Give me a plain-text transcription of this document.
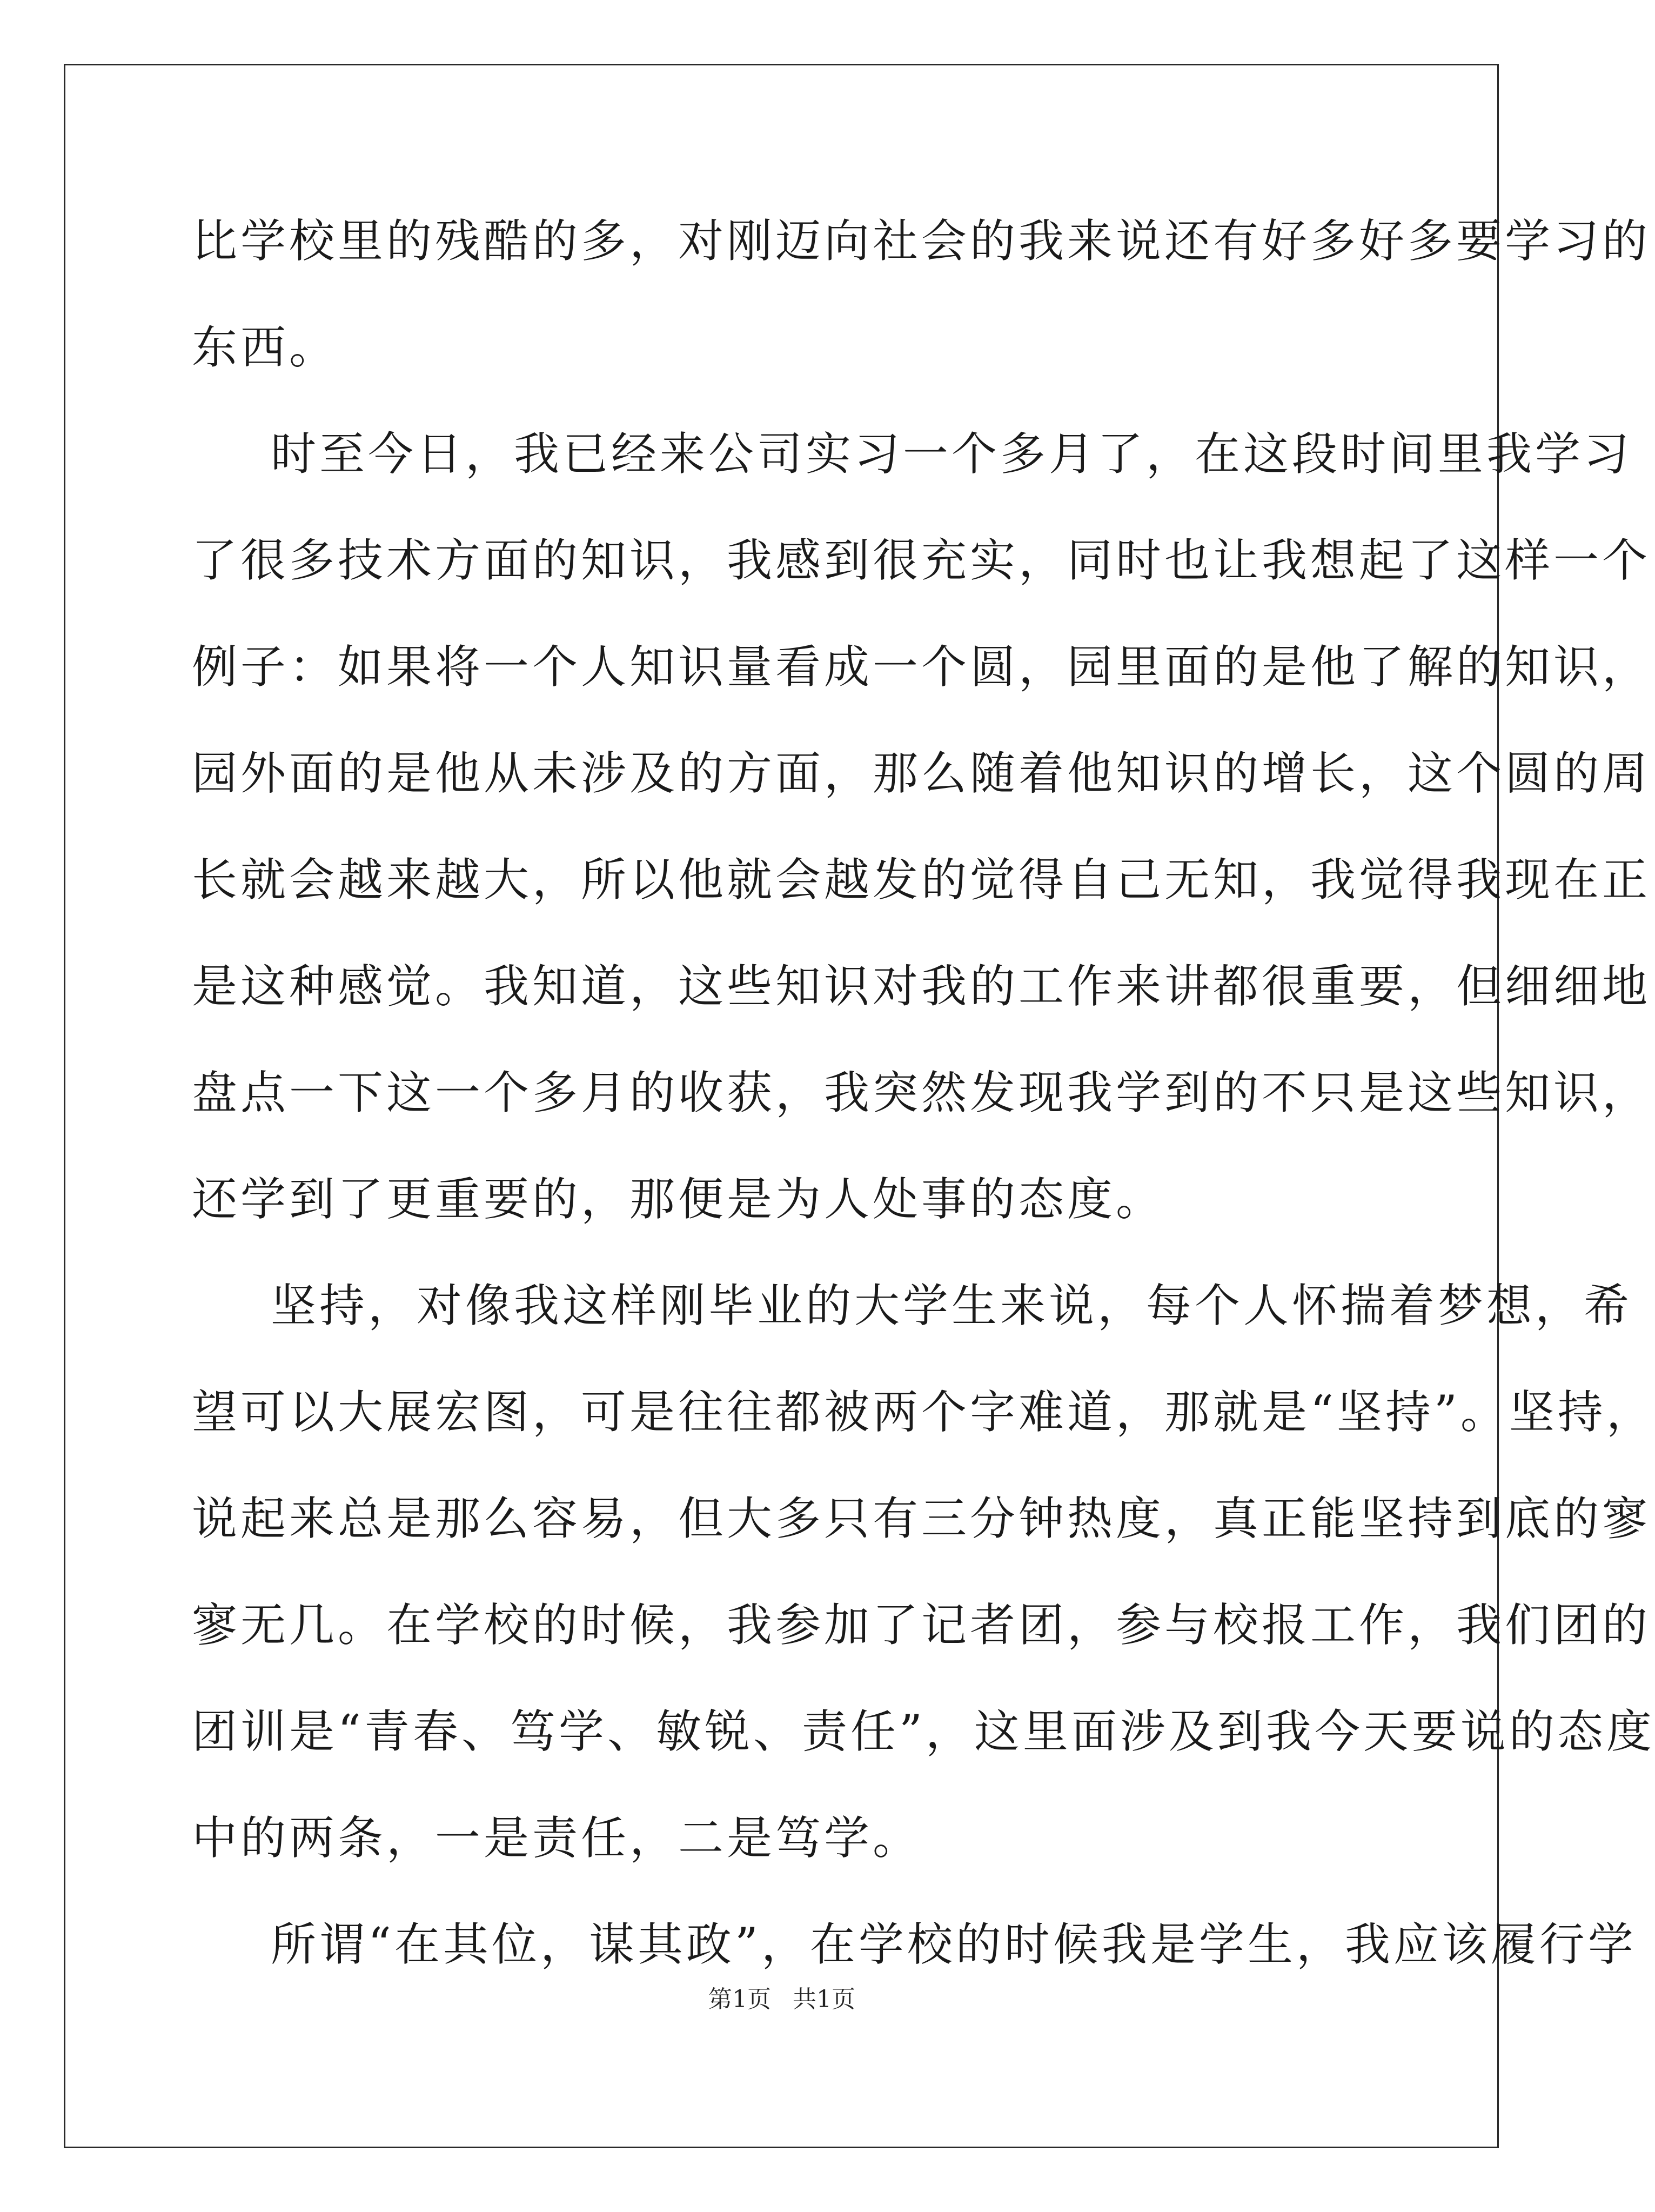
比学校里的残酷的多，对刚迈向社会的我来说还有好多好多要学习的
东西。
时至今日，我已经来公司实习一个多月了，在这段时间里我学习
了很多技术方面的知识，我感到很充实，同时也让我想起了这样一个
例子：如果将一个人知识量看成一个圆，园里面的是他了解的知识，
园外面的是他从未涉及的方面，那么随着他知识的增长，这个圆的周
长就会越来越大，所以他就会越发的觉得自己无知，我觉得我现在正
是这种感觉。我知道，这些知识对我的工作来讲都很重要，但细细地
盘点一下这一个多月的收获，我突然发现我学到的不只是这些知识，
还学到了更重要的，那便是为人处事的态度。
坚持，对像我这样刚毕业的大学生来说，每个人怀揣着梦想，希
望可以大展宏图，可是往往都被两个字难道，那就是“坚持”。坚持，
说起来总是那么容易，但大多只有三分钟热度，真正能坚持到底的寥
寥无几。在学校的时候，我参加了记者团，参与校报工作，我们团的
团训是“青春、笃学、敏锐、责任”，这里面涉及到我今天要说的态度
中的两条，一是责任，二是笃学。
所谓“在其位，谋其政”，在学校的时候我是学生，我应该履行学
第1页 共1页
